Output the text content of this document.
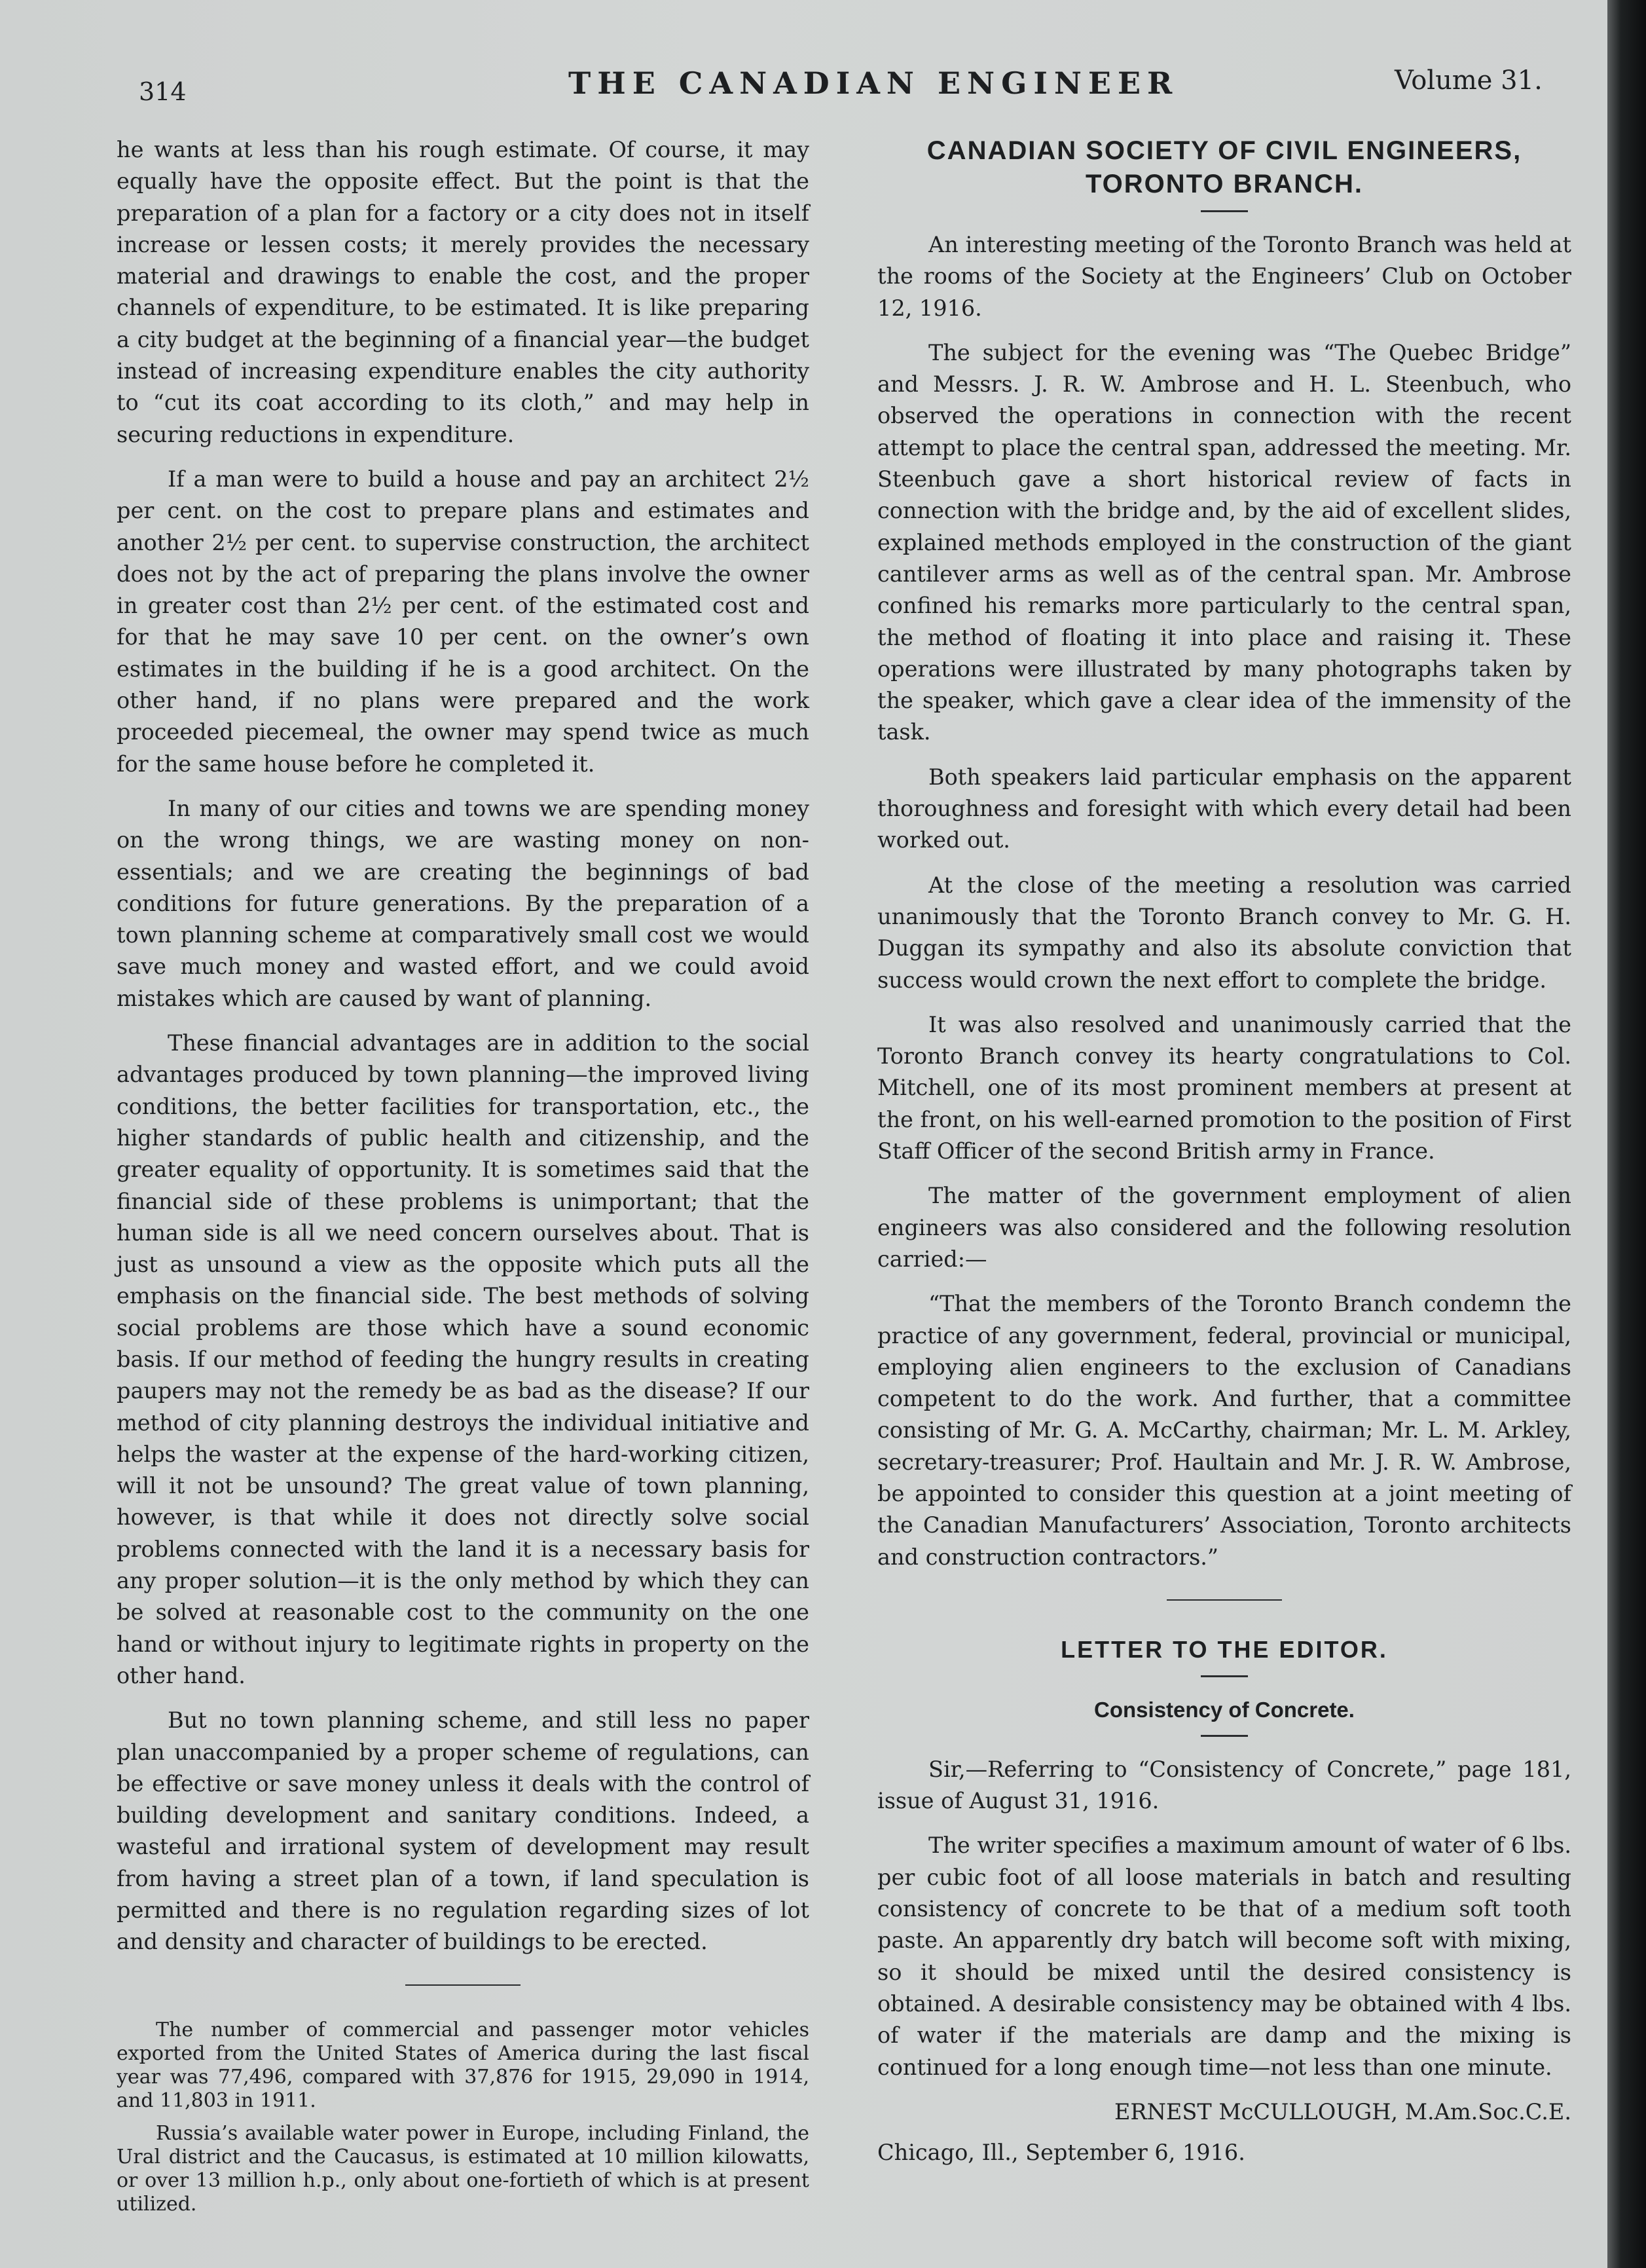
314	THE CANADIAN ENGINEER	Volume 31.

he wants at less than his rough estimate. Of course, it may equally have the opposite effect. But the point is that the preparation of a plan for a factory or a city does not in itself increase or lessen costs; it merely provides the necessary material and drawings to enable the cost, and the proper channels of expenditure, to be estimated. It is like preparing a city budget at the beginning of a financial year—the budget instead of increasing expenditure enables the city authority to “cut its coat according to its cloth,” and may help in securing reductions in expenditure.

If a man were to build a house and pay an architect 2½ per cent. on the cost to prepare plans and estimates and another 2½ per cent. to supervise construction, the architect does not by the act of preparing the plans involve the owner in greater cost than 2½ per cent. of the estimated cost and for that he may save 10 per cent. on the owner’s own estimates in the building if he is a good architect. On the other hand, if no plans were prepared and the work proceeded piecemeal, the owner may spend twice as much for the same house before he completed it.

In many of our cities and towns we are spending money on the wrong things, we are wasting money on non-essentials; and we are creating the beginnings of bad conditions for future generations. By the preparation of a town planning scheme at comparatively small cost we would save much money and wasted effort, and we could avoid mistakes which are caused by want of planning.

These financial advantages are in addition to the social advantages produced by town planning—the improved living conditions, the better facilities for transportation, etc., the higher standards of public health and citizenship, and the greater equality of opportunity. It is sometimes said that the financial side of these problems is unimportant; that the human side is all we need concern ourselves about. That is just as unsound a view as the opposite which puts all the emphasis on the financial side. The best methods of solving social problems are those which have a sound economic basis. If our method of feeding the hungry results in creating paupers may not the remedy be as bad as the disease? If our method of city planning destroys the individual initiative and helps the waster at the expense of the hard-working citizen, will it not be unsound? The great value of town planning, however, is that while it does not directly solve social problems connected with the land it is a necessary basis for any proper solution—it is the only method by which they can be solved at reasonable cost to the community on the one hand or without injury to legitimate rights in property on the other hand.

But no town planning scheme, and still less no paper plan unaccompanied by a proper scheme of regulations, can be effective or save money unless it deals with the control of building development and sanitary conditions. Indeed, a wasteful and irrational system of development may result from having a street plan of a town, if land speculation is permitted and there is no regulation regarding sizes of lot and density and character of buildings to be erected.

The number of commercial and passenger motor vehicles exported from the United States of America during the last fiscal year was 77,496, compared with 37,876 for 1915, 29,090 in 1914, and 11,803 in 1911.

Russia’s available water power in Europe, including Finland, the Ural district and the Caucasus, is estimated at 10 million kilowatts, or over 13 million h.p., only about one-fortieth of which is at present utilized.

CANADIAN SOCIETY OF CIVIL ENGINEERS,
TORONTO BRANCH.

An interesting meeting of the Toronto Branch was held at the rooms of the Society at the Engineers’ Club on October 12, 1916.

The subject for the evening was “The Quebec Bridge” and Messrs. J. R. W. Ambrose and H. L. Steenbuch, who observed the operations in connection with the recent attempt to place the central span, addressed the meeting. Mr. Steenbuch gave a short historical review of facts in connection with the bridge and, by the aid of excellent slides, explained methods employed in the construction of the giant cantilever arms as well as of the central span. Mr. Ambrose confined his remarks more particularly to the central span, the method of floating it into place and raising it. These operations were illustrated by many photographs taken by the speaker, which gave a clear idea of the immensity of the task.

Both speakers laid particular emphasis on the apparent thoroughness and foresight with which every detail had been worked out.

At the close of the meeting a resolution was carried unanimously that the Toronto Branch convey to Mr. G. H. Duggan its sympathy and also its absolute conviction that success would crown the next effort to complete the bridge.

It was also resolved and unanimously carried that the Toronto Branch convey its hearty congratulations to Col. Mitchell, one of its most prominent members at present at the front, on his well-earned promotion to the position of First Staff Officer of the second British army in France.

The matter of the government employment of alien engineers was also considered and the following resolution carried:—

“That the members of the Toronto Branch condemn the practice of any government, federal, provincial or municipal, employing alien engineers to the exclusion of Canadians competent to do the work. And further, that a committee consisting of Mr. G. A. McCarthy, chairman; Mr. L. M. Arkley, secretary-treasurer; Prof. Haultain and Mr. J. R. W. Ambrose, be appointed to consider this question at a joint meeting of the Canadian Manufacturers’ Association, Toronto architects and construction contractors.”

LETTER TO THE EDITOR.

Consistency of Concrete.

Sir,—Referring to “Consistency of Concrete,” page 181, issue of August 31, 1916.

The writer specifies a maximum amount of water of 6 lbs. per cubic foot of all loose materials in batch and resulting consistency of concrete to be that of a medium soft tooth paste. An apparently dry batch will become soft with mixing, so it should be mixed until the desired consistency is obtained. A desirable consistency may be obtained with 4 lbs. of water if the materials are damp and the mixing is continued for a long enough time—not less than one minute.

ERNEST McCULLOUGH, M.Am.Soc.C.E.

Chicago, Ill., September 6, 1916.
